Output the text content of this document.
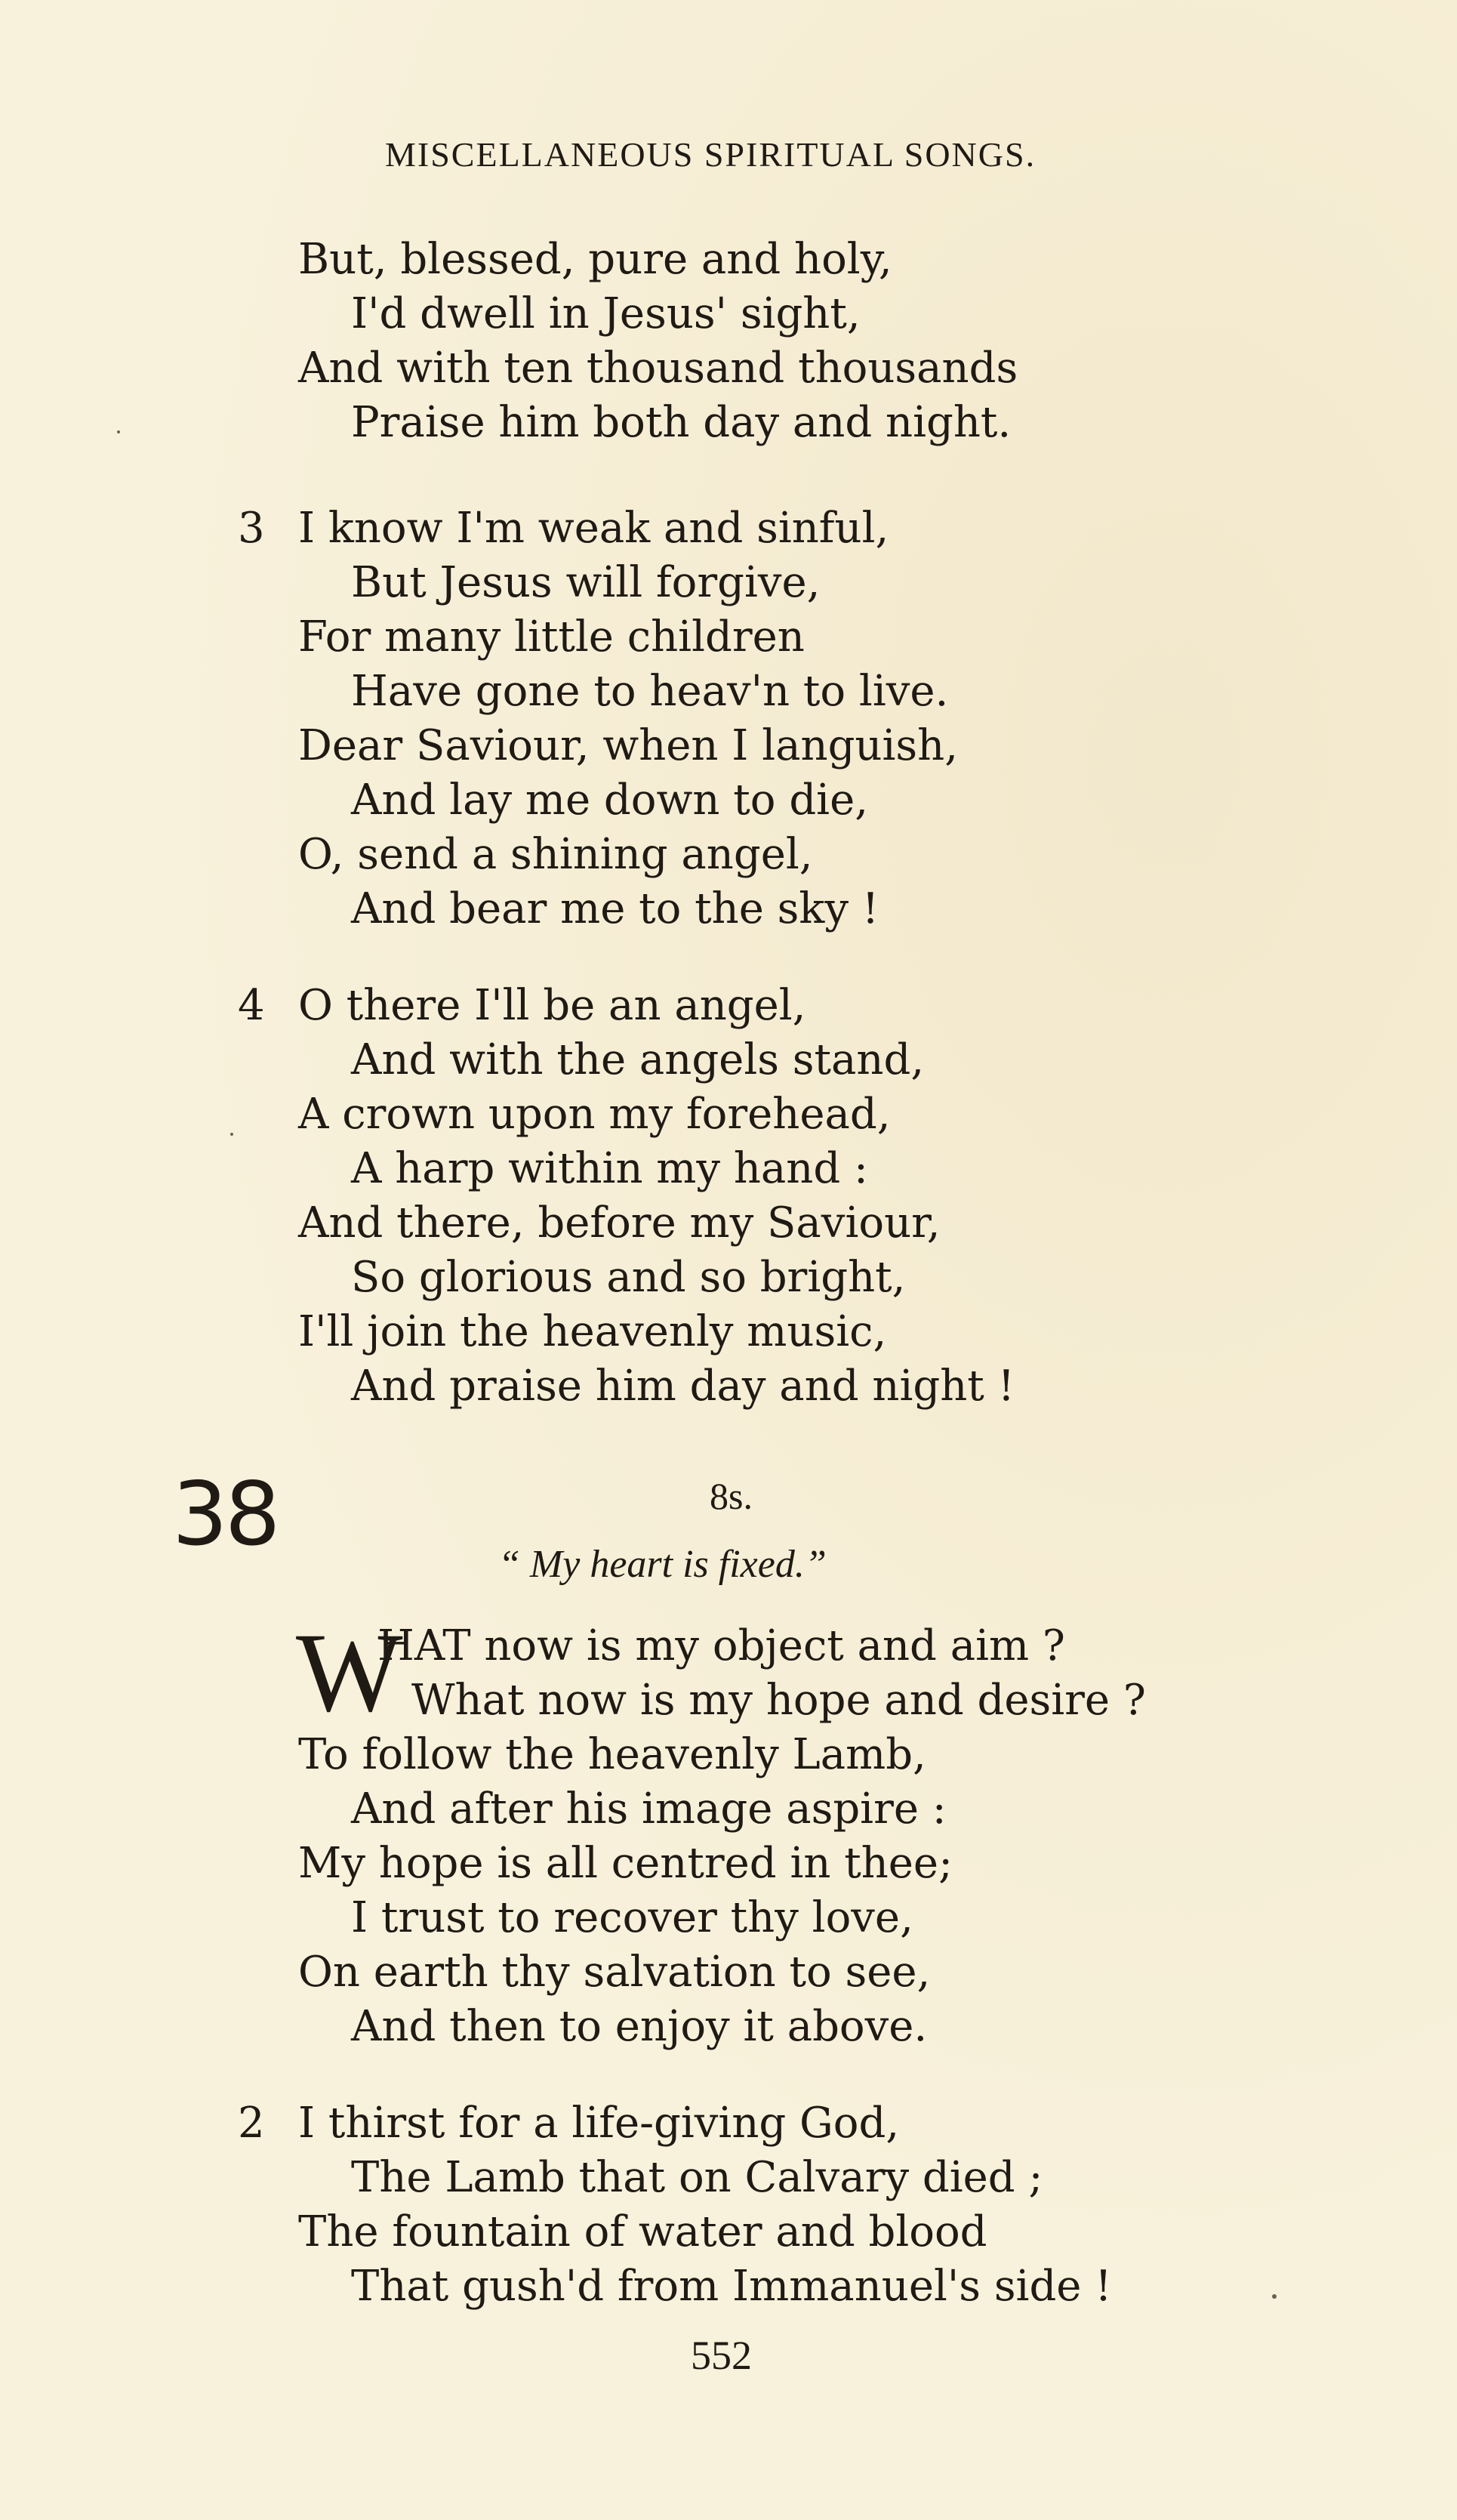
MISCELLANEOUS SPIRITUAL SONGS.
But, blessed, pure and holy,
I'd dwell in Jesus' sight,
And with ten thousand thousands
Praise him both day and night.
3 I know I'm weak and sinful,
But Jesus will forgive,
For many little children
Have gone to heav'n to live.
Dear Saviour, when I languish,
And lay me down to die,
O, send a shining angel,
And bear me to the sky !
4 O there I'll be an angel,
And with the angels stand,
A crown upon my forehead,
A harp within my hand :
And there, before my Saviour,
So glorious and so bright,
I'll join the heavenly music,
And praise him day and night !
38	8s.
“ My heart is fixed.”
W
HAT now is my object and aim ?
What now is my hope and desire ?
To follow the heavenly Lamb,
And after his image aspire :
My hope is all centred in thee;
I trust to recover thy love,
On earth thy salvation to see,
And then to enjoy it above.
2 I thirst for a life-giving God,
The Lamb that on Calvary died ;
The fountain of water and blood
That gush'd from Immanuel's side !
552
